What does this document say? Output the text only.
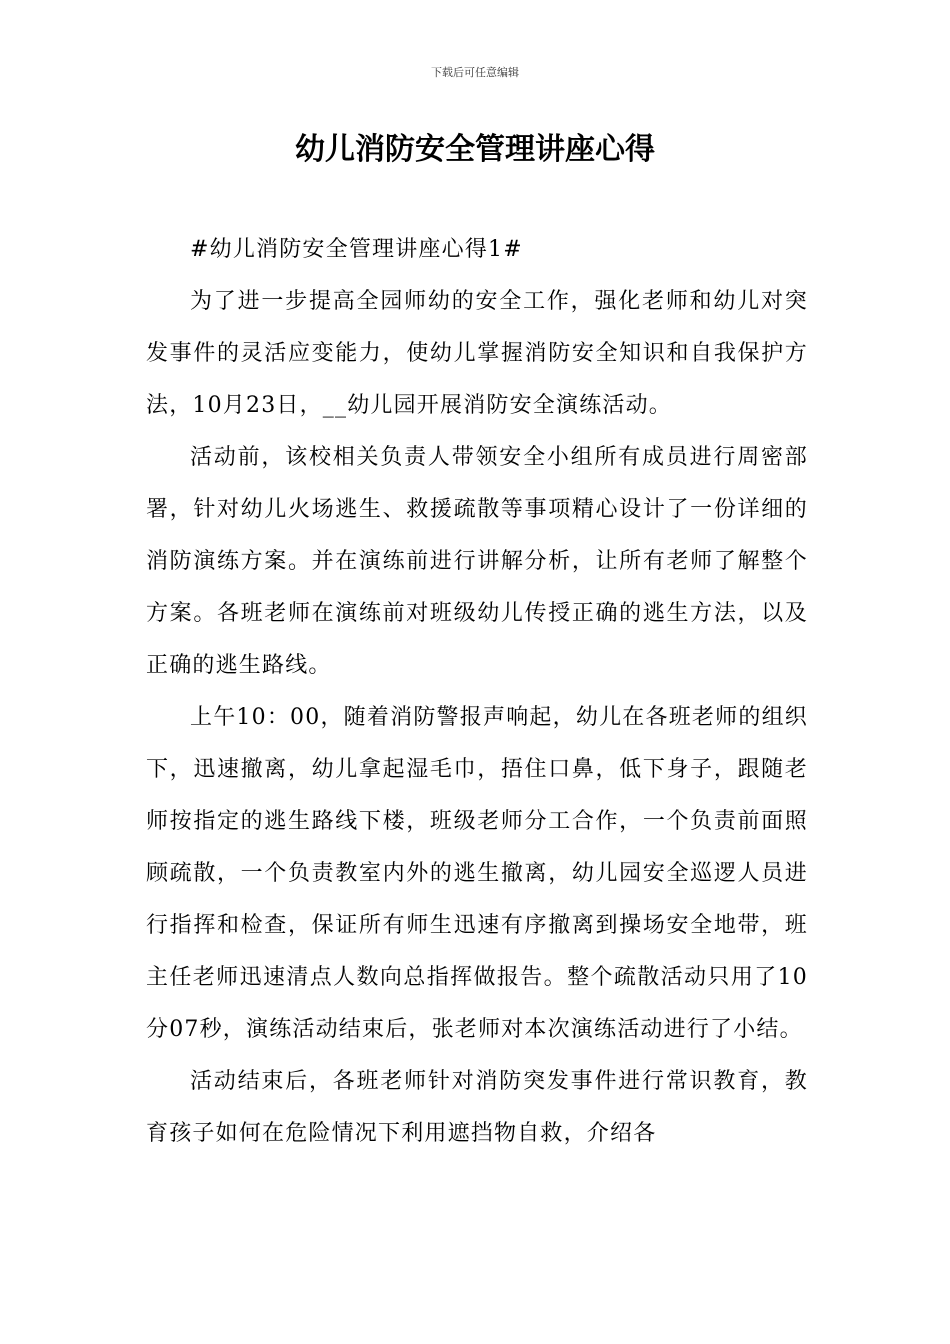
下载后可任意编辑
幼儿消防安全管理讲座心得

#幼儿消防安全管理讲座心得1#

为了进一步提高全园师幼的安全工作，强化老师和幼儿对突发事件的灵活应变能力，使幼儿掌握消防安全知识和自我保护方法，10月23日，__幼儿园开展消防安全演练活动。

活动前，该校相关负责人带领安全小组所有成员进行周密部署，针对幼儿火场逃生、救援疏散等事项精心设计了一份详细的消防演练方案。并在演练前进行讲解分析，让所有老师了解整个方案。各班老师在演练前对班级幼儿传授正确的逃生方法，以及正确的逃生路线。

上午10：00，随着消防警报声响起，幼儿在各班老师的组织下，迅速撤离，幼儿拿起湿毛巾，捂住口鼻，低下身子，跟随老师按指定的逃生路线下楼，班级老师分工合作，一个负责前面照顾疏散，一个负责教室内外的逃生撤离，幼儿园安全巡逻人员进行指挥和检查，保证所有师生迅速有序撤离到操场安全地带，班主任老师迅速清点人数向总指挥做报告。整个疏散活动只用了10分07秒，演练活动结束后，张老师对本次演练活动进行了小结。

活动结束后，各班老师针对消防突发事件进行常识教育，教育孩子如何在危险情况下利用遮挡物自救，介绍各
